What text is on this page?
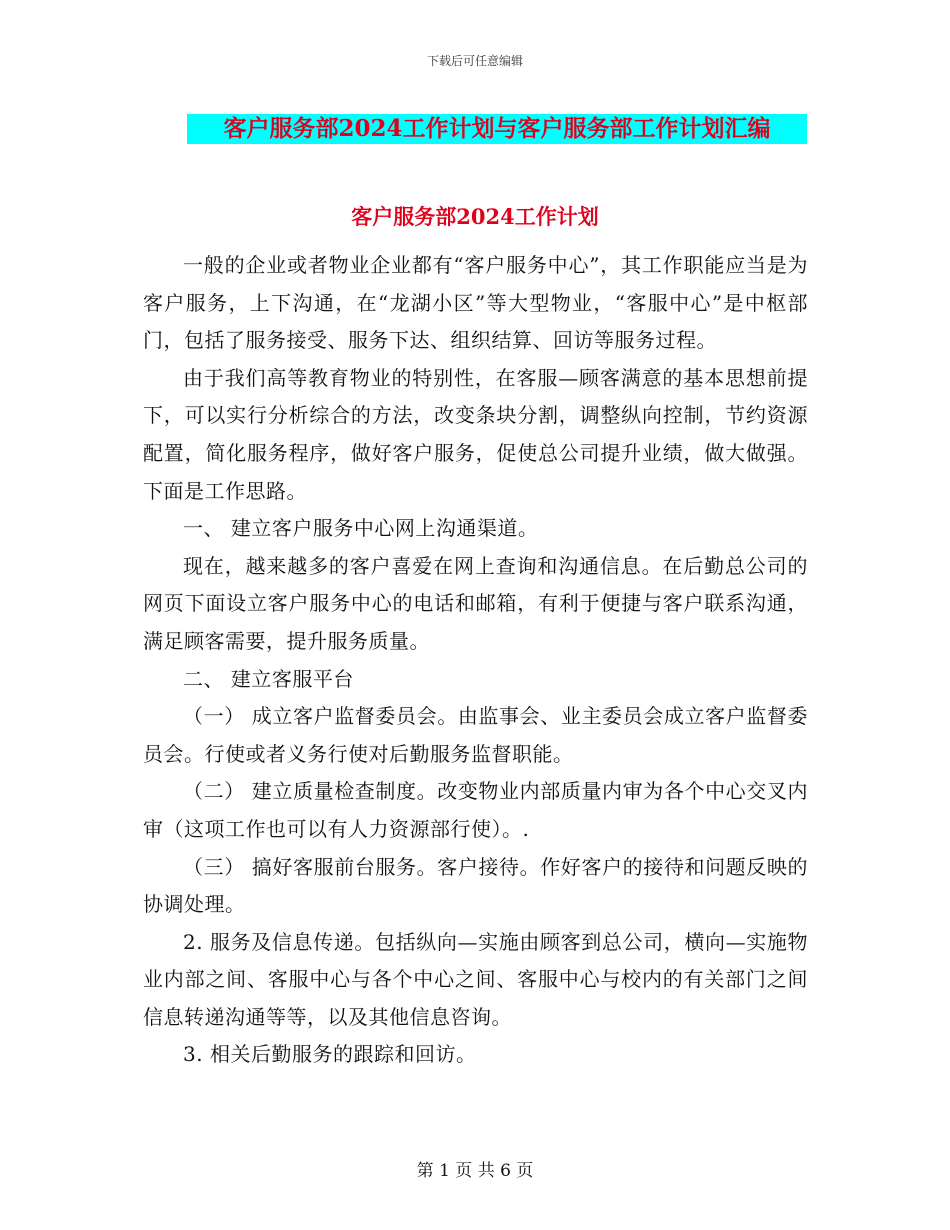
下载后可任意编辑
客户服务部2024工作计划与客户服务部工作计划汇编
客户服务部2024工作计划

一般的企业或者物业企业都有“客户服务中心”，其工作职能应当是为客户服务，上下沟通，在“龙湖小区”等大型物业，“客服中心”是中枢部门，包括了服务接受、服务下达、组织结算、回访等服务过程。

由于我们高等教育物业的特别性，在客服—顾客满意的基本思想前提下，可以实行分析综合的方法，改变条块分割，调整纵向控制，节约资源配置，简化服务程序，做好客户服务，促使总公司提升业绩，做大做强。下面是工作思路。

一、 建立客户服务中心网上沟通渠道。

现在，越来越多的客户喜爱在网上查询和沟通信息。在后勤总公司的网页下面设立客户服务中心的电话和邮箱，有利于便捷与客户联系沟通，满足顾客需要，提升服务质量。

二、 建立客服平台

（一） 成立客户监督委员会。由监事会、业主委员会成立客户监督委员会。行使或者义务行使对后勤服务监督职能。

（二） 建立质量检查制度。改变物业内部质量内审为各个中心交叉内审（这项工作也可以有人力资源部行使）。.

（三） 搞好客服前台服务。客户接待。作好客户的接待和问题反映的协调处理。

2. 服务及信息传递。包括纵向—实施由顾客到总公司，横向—实施物业内部之间、客服中心与各个中心之间、客服中心与校内的有关部门之间信息转递沟通等等，以及其他信息咨询。

3. 相关后勤服务的跟踪和回访。

第 1 页 共 6 页
